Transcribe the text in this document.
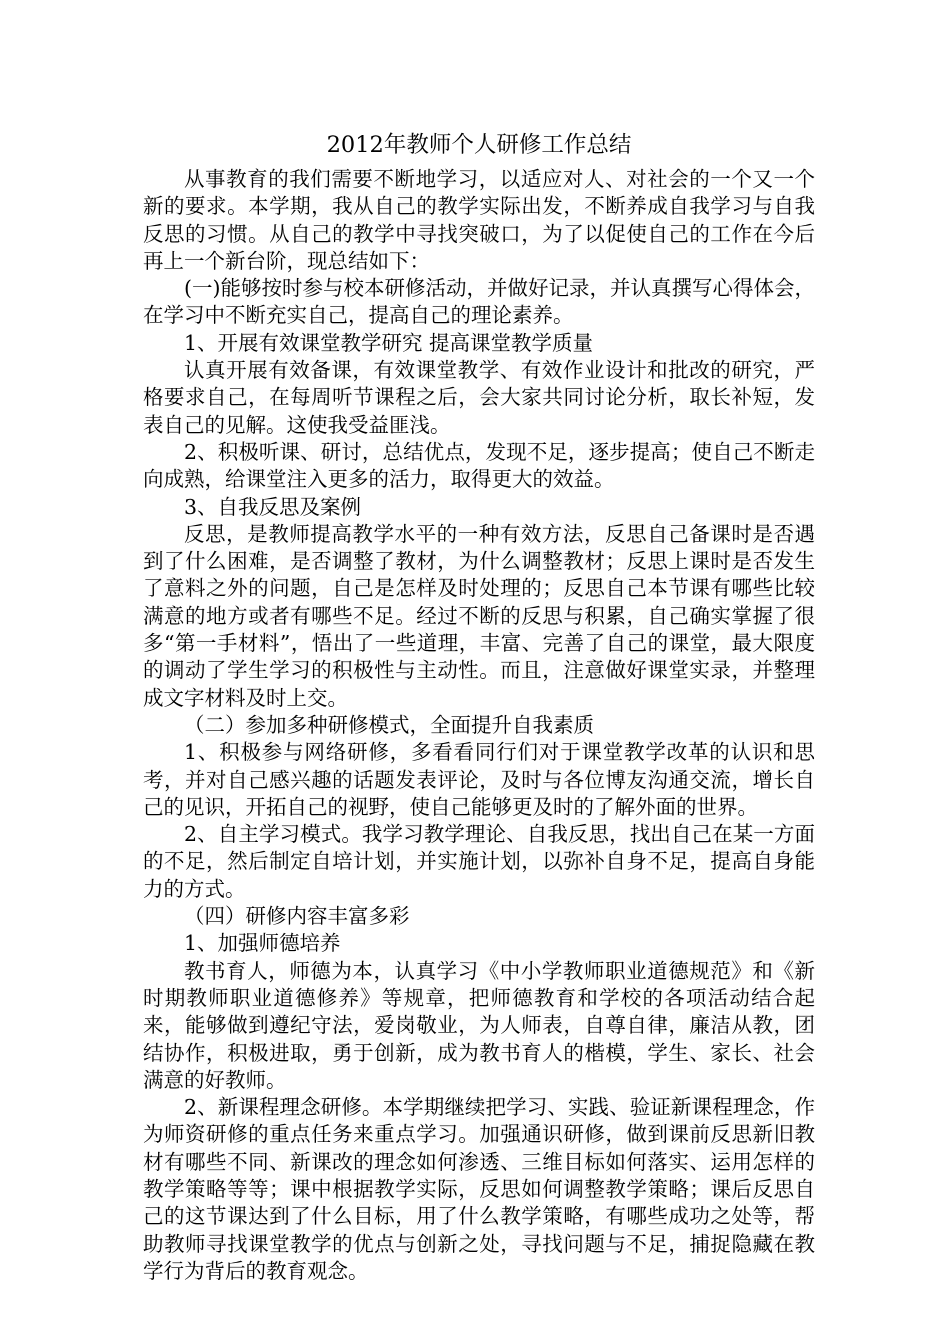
2012年教师个人研修工作总结

从事教育的我们需要不断地学习，以适应对人、对社会的一个又一个新的要求。本学期，我从自己的教学实际出发，不断养成自我学习与自我反思的习惯。从自己的教学中寻找突破口，为了以促使自己的工作在今后再上一个新台阶，现总结如下：

(一)能够按时参与校本研修活动，并做好记录，并认真撰写心得体会，在学习中不断充实自己，提高自己的理论素养。

1、开展有效课堂教学研究 提高课堂教学质量

认真开展有效备课，有效课堂教学、有效作业设计和批改的研究，严格要求自己，在每周听节课程之后，会大家共同讨论分析，取长补短，发表自己的见解。这使我受益匪浅。

2、积极听课、研讨，总结优点，发现不足，逐步提高；使自己不断走向成熟，给课堂注入更多的活力，取得更大的效益。

3、自我反思及案例

反思，是教师提高教学水平的一种有效方法，反思自己备课时是否遇到了什么困难，是否调整了教材，为什么调整教材；反思上课时是否发生了意料之外的问题，自己是怎样及时处理的；反思自己本节课有哪些比较满意的地方或者有哪些不足。经过不断的反思与积累，自己确实掌握了很多“第一手材料”，悟出了一些道理，丰富、完善了自己的课堂，最大限度的调动了学生学习的积极性与主动性。而且，注意做好课堂实录，并整理成文字材料及时上交。

（二）参加多种研修模式，全面提升自我素质

1、积极参与网络研修，多看看同行们对于课堂教学改革的认识和思考，并对自己感兴趣的话题发表评论，及时与各位博友沟通交流，增长自己的见识，开拓自己的视野，使自己能够更及时的了解外面的世界。

2、自主学习模式。我学习教学理论、自我反思，找出自己在某一方面的不足，然后制定自培计划，并实施计划，以弥补自身不足，提高自身能力的方式。

（四）研修内容丰富多彩

1、加强师德培养

教书育人，师德为本，认真学习《中小学教师职业道德规范》和《新时期教师职业道德修养》等规章，把师德教育和学校的各项活动结合起来，能够做到遵纪守法，爱岗敬业，为人师表，自尊自律，廉洁从教，团结协作，积极进取，勇于创新，成为教书育人的楷模，学生、家长、社会满意的好教师。

2、新课程理念研修。本学期继续把学习、实践、验证新课程理念，作为师资研修的重点任务来重点学习。加强通识研修，做到课前反思新旧教材有哪些不同、新课改的理念如何渗透、三维目标如何落实、运用怎样的教学策略等等；课中根据教学实际，反思如何调整教学策略；课后反思自己的这节课达到了什么目标，用了什么教学策略，有哪些成功之处等，帮助教师寻找课堂教学的优点与创新之处，寻找问题与不足，捕捉隐藏在教学行为背后的教育观念。
